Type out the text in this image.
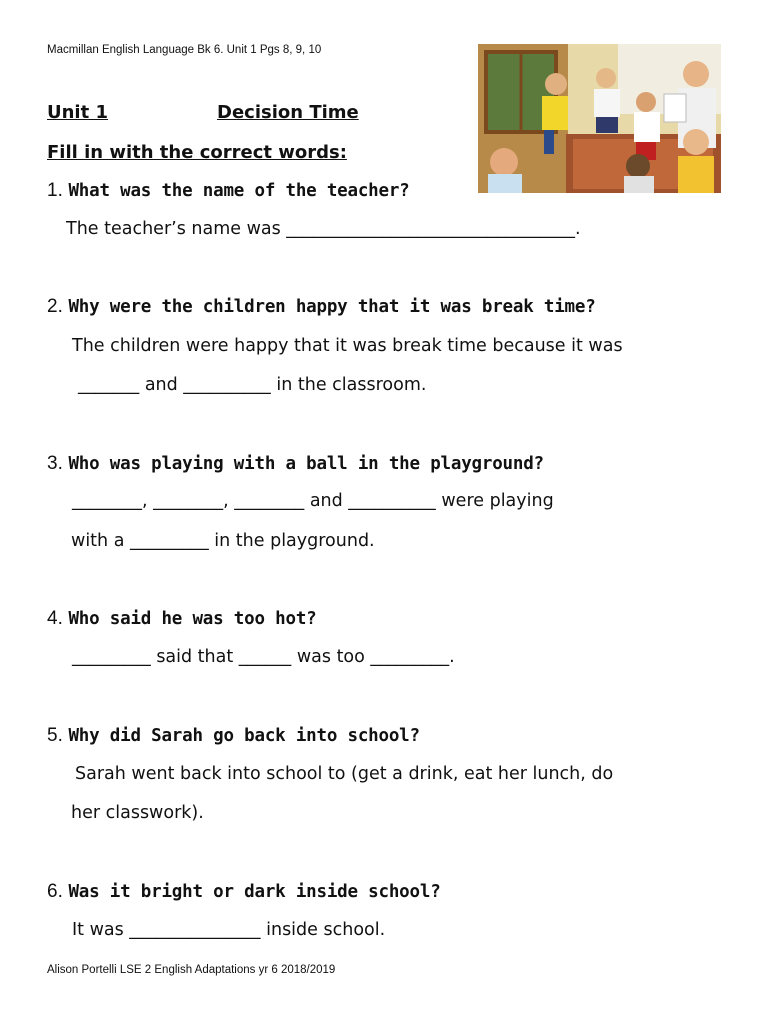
Macmillan English Language Bk 6. Unit 1 Pgs 8, 9, 10
Unit 1	Decision Time
Fill in with the correct words:
1. What was the name of the teacher?
The teacher’s name was _________________________________.
2. Why were the children happy that it was break time?
The children were happy that it was break time because it was
_______ and __________ in the classroom.
3. Who was playing with a ball in the playground?
________, ________, ________ and __________ were playing
with a _________ in the playground.
4. Who said he was too hot?
_________ said that ______ was too _________.
5. Why did Sarah go back into school?
Sarah went back into school to (get a drink, eat her lunch, do
her classwork).
6. Was it bright or dark inside school?
It was _______________ inside school.
Alison Portelli LSE 2 English Adaptations yr 6 2018/2019
